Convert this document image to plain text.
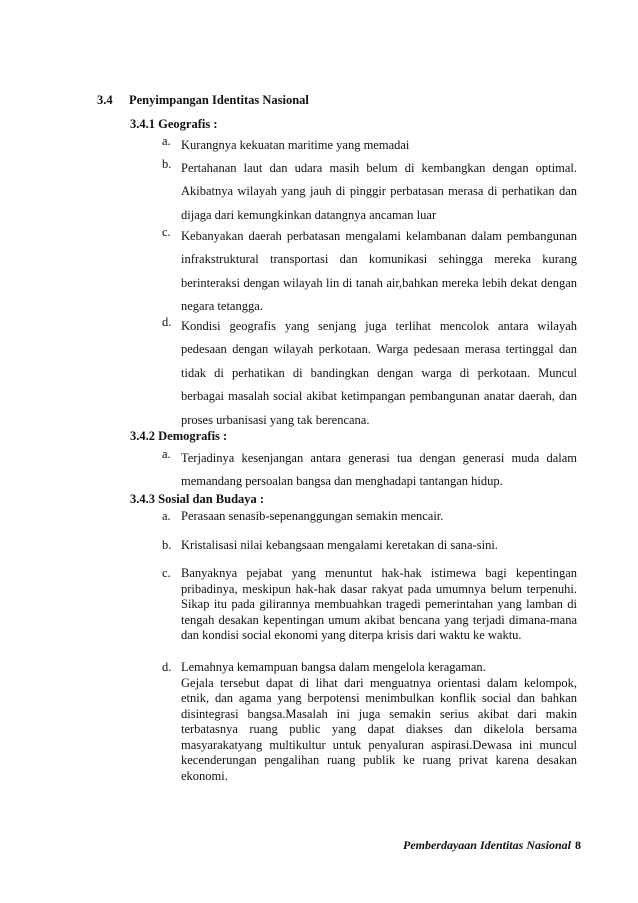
3.4 Penyimpangan Identitas Nasional
3.4.1 Geografis :
a. Kurangnya kekuatan maritime yang memadai
b. Pertahanan laut dan udara masih belum di kembangkan dengan optimal. Akibatnya wilayah yang jauh di pinggir perbatasan merasa di perhatikan dan dijaga dari kemungkinkan datangnya ancaman luar
c. Kebanyakan daerah perbatasan mengalami kelambanan dalam pembangunan infrakstruktural transportasi dan komunikasi sehingga mereka kurang berinteraksi dengan wilayah lin di tanah air,bahkan mereka lebih dekat dengan negara tetangga.
d. Kondisi geografis yang senjang juga terlihat mencolok antara wilayah pedesaan dengan wilayah perkotaan. Warga pedesaan merasa tertinggal dan tidak di perhatikan di bandingkan dengan warga di perkotaan. Muncul berbagai masalah social akibat ketimpangan pembangunan anatar daerah, dan proses urbanisasi yang tak berencana.
3.4.2 Demografis :
a. Terjadinya kesenjangan antara generasi tua dengan generasi muda dalam memandang persoalan bangsa dan menghadapi tantangan hidup.
3.4.3 Sosial dan Budaya :
a. Perasaan senasib-sepenanggungan semakin mencair.
b. Kristalisasi nilai kebangsaan mengalami keretakan di sana-sini.
c. Banyaknya pejabat yang menuntut hak-hak istimewa bagi kepentingan pribadinya, meskipun hak-hak dasar rakyat pada umumnya belum terpenuhi. Sikap itu pada gilirannya membuahkan tragedi pemerintahan yang lamban di tengah desakan kepentingan umum akibat bencana yang terjadi dimana-mana dan kondisi social ekonomi yang diterpa krisis dari waktu ke waktu.
d. Lemahnya kemampuan bangsa dalam mengelola keragaman.
Gejala tersebut dapat di lihat dari menguatnya orientasi dalam kelompok, etnik, dan agama yang berpotensi menimbulkan konflik social dan bahkan disintegrasi bangsa.Masalah ini juga semakin serius akibat dari makin terbatasnya ruang public yang dapat diakses dan dikelola bersama masyarakatyang multikultur untuk penyaluran aspirasi.Dewasa ini muncul kecenderungan pengalihan ruang publik ke ruang privat karena desakan ekonomi.
Pemberdayaan Identitas Nasional 8
